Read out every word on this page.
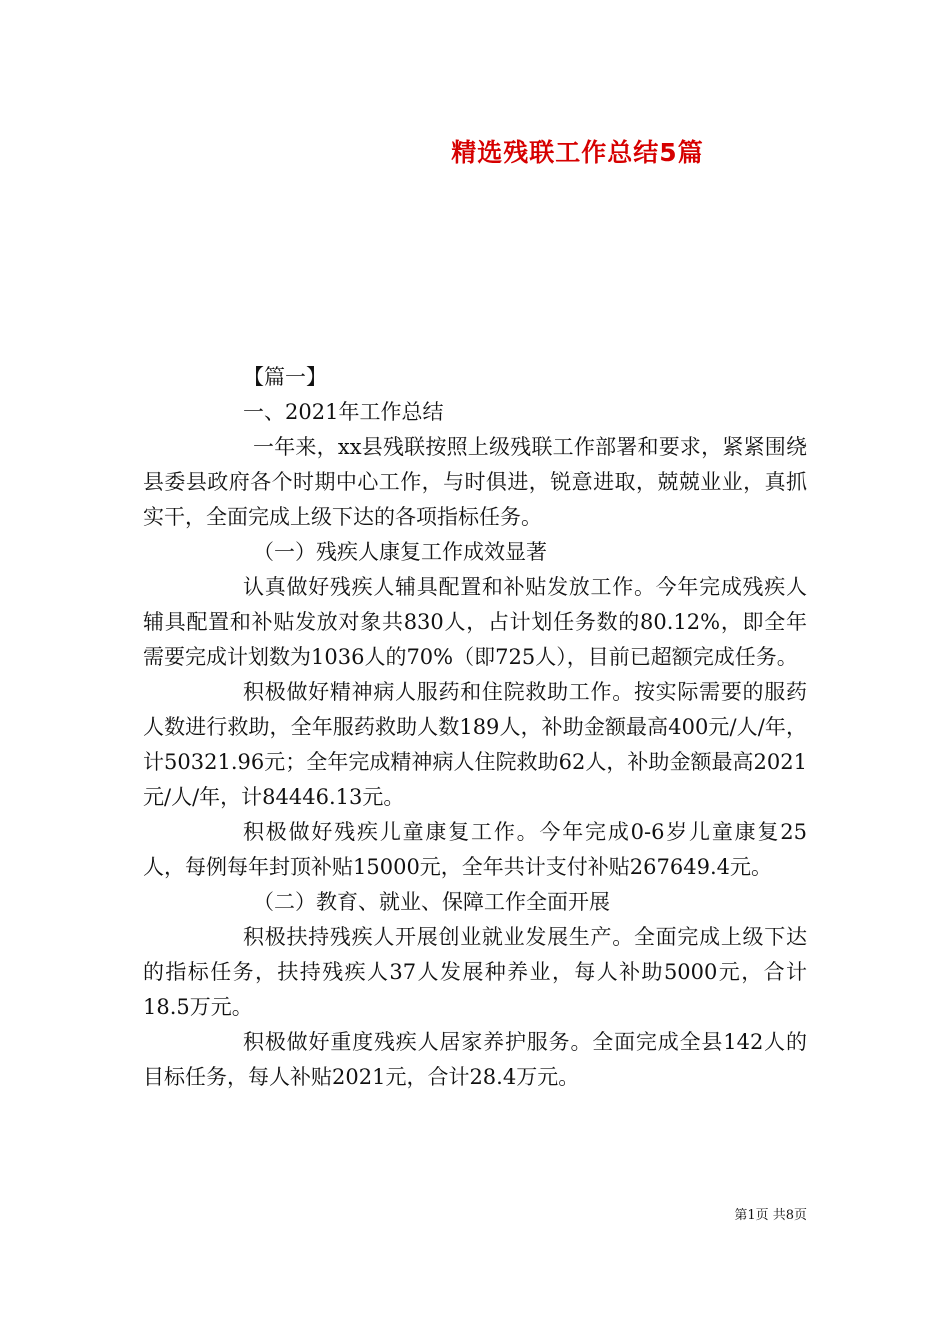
精选残联工作总结5篇

【篇一】

一、2021年工作总结

一年来，xx县残联按照上级残联工作部署和要求，紧紧围绕县委县政府各个时期中心工作，与时俱进，锐意进取，兢兢业业，真抓实干，全面完成上级下达的各项指标任务。

（一）残疾人康复工作成效显著

认真做好残疾人辅具配置和补贴发放工作。今年完成残疾人辅具配置和补贴发放对象共830人，占计划任务数的80.12%，即全年需要完成计划数为1036人的70%（即725人），目前已超额完成任务。

积极做好精神病人服药和住院救助工作。按实际需要的服药人数进行救助，全年服药救助人数189人，补助金额最高400元/人/年，计50321.96元；全年完成精神病人住院救助62人，补助金额最高2021元/人/年，计84446.13元。

积极做好残疾儿童康复工作。今年完成0-6岁儿童康复25人，每例每年封顶补贴15000元，全年共计支付补贴267649.4元。

（二）教育、就业、保障工作全面开展

积极扶持残疾人开展创业就业发展生产。全面完成上级下达的指标任务，扶持残疾人37人发展种养业，每人补助5000元，合计18.5万元。

积极做好重度残疾人居家养护服务。全面完成全县142人的目标任务，每人补贴2021元，合计28.4万元。

第1页 共8页
